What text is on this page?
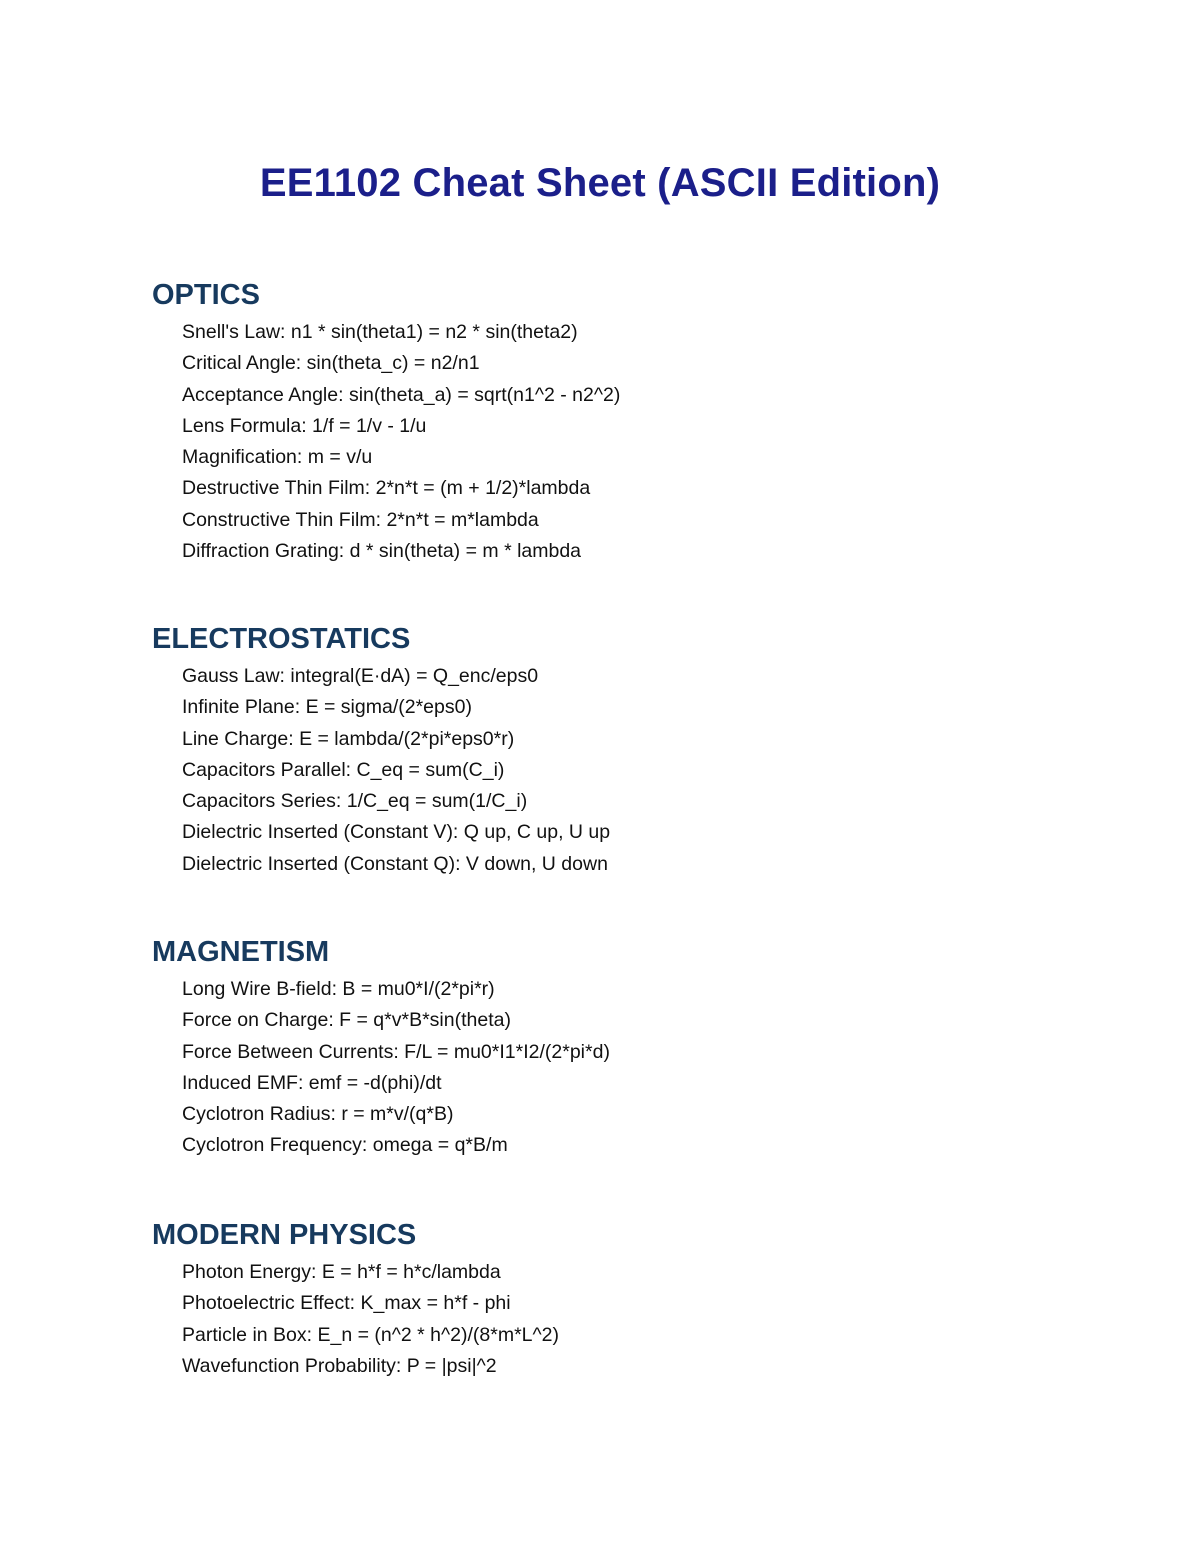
EE1102 Cheat Sheet (ASCII Edition)
OPTICS
Snell's Law: n1 * sin(theta1) = n2 * sin(theta2)
Critical Angle: sin(theta_c) = n2/n1
Acceptance Angle: sin(theta_a) = sqrt(n1^2 - n2^2)
Lens Formula: 1/f = 1/v - 1/u
Magnification: m = v/u
Destructive Thin Film: 2*n*t = (m + 1/2)*lambda
Constructive Thin Film: 2*n*t = m*lambda
Diffraction Grating: d * sin(theta) = m * lambda
ELECTROSTATICS
Gauss Law: integral(E·dA) = Q_enc/eps0
Infinite Plane: E = sigma/(2*eps0)
Line Charge: E = lambda/(2*pi*eps0*r)
Capacitors Parallel: C_eq = sum(C_i)
Capacitors Series: 1/C_eq = sum(1/C_i)
Dielectric Inserted (Constant V): Q up, C up, U up
Dielectric Inserted (Constant Q): V down, U down
MAGNETISM
Long Wire B-field: B = mu0*I/(2*pi*r)
Force on Charge: F = q*v*B*sin(theta)
Force Between Currents: F/L = mu0*I1*I2/(2*pi*d)
Induced EMF: emf = -d(phi)/dt
Cyclotron Radius: r = m*v/(q*B)
Cyclotron Frequency: omega = q*B/m
MODERN PHYSICS
Photon Energy: E = h*f = h*c/lambda
Photoelectric Effect: K_max = h*f - phi
Particle in Box: E_n = (n^2 * h^2)/(8*m*L^2)
Wavefunction Probability: P = |psi|^2
